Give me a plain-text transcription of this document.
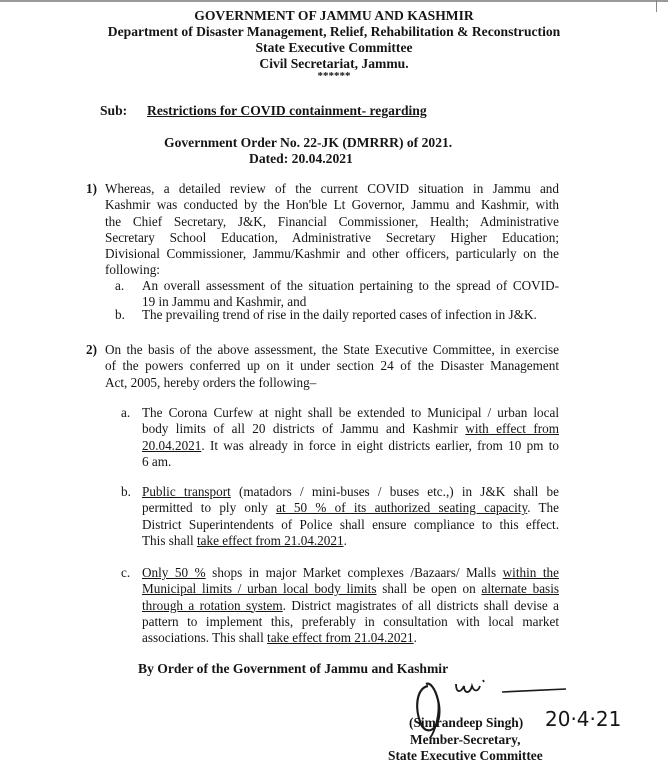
GOVERNMENT OF JAMMU AND KASHMIR
Department of Disaster Management, Relief, Rehabilitation & Reconstruction
State Executive Committee
Civil Secretariat, Jammu.
******
Sub: Restrictions for COVID containment- regarding
Government Order No. 22-JK (DMRRR) of 2021.
Dated: 20.04.2021
1) Whereas, a detailed review of the current COVID situation in Jammu and
Kashmir was conducted by the Hon'ble Lt Governor, Jammu and Kashmir, with
the Chief Secretary, J&K, Financial Commissioner, Health; Administrative
Secretary School Education, Administrative Secretary Higher Education;
Divisional Commissioner, Jammu/Kashmir and other officers, particularly on the
following:
a. An overall assessment of the situation pertaining to the spread of COVID-
19 in Jammu and Kashmir, and
b. The prevailing trend of rise in the daily reported cases of infection in J&K.
2) On the basis of the above assessment, the State Executive Committee, in exercise
of the powers conferred up on it under section 24 of the Disaster Management
Act, 2005, hereby orders the following–
a. The Corona Curfew at night shall be extended to Municipal / urban local
body limits of all 20 districts of Jammu and Kashmir with effect from
20.04.2021. It was already in force in eight districts earlier, from 10 pm to
6 am.
b. Public transport (matadors / mini-buses / buses etc.,) in J&K shall be
permitted to ply only at 50 % of its authorized seating capacity. The
District Superintendents of Police shall ensure compliance to this effect.
This shall take effect from 21.04.2021.
c. Only 50 % shops in major Market complexes /Bazaars/ Malls within the
Municipal limits / urban local body limits shall be open on alternate basis
through a rotation system. District magistrates of all districts shall devise a
pattern to implement this, preferably in consultation with local market
associations. This shall take effect from 21.04.2021.
By Order of the Government of Jammu and Kashmir
(Simrandeep Singh) 20·4·21
Member-Secretary,
State Executive Committee
